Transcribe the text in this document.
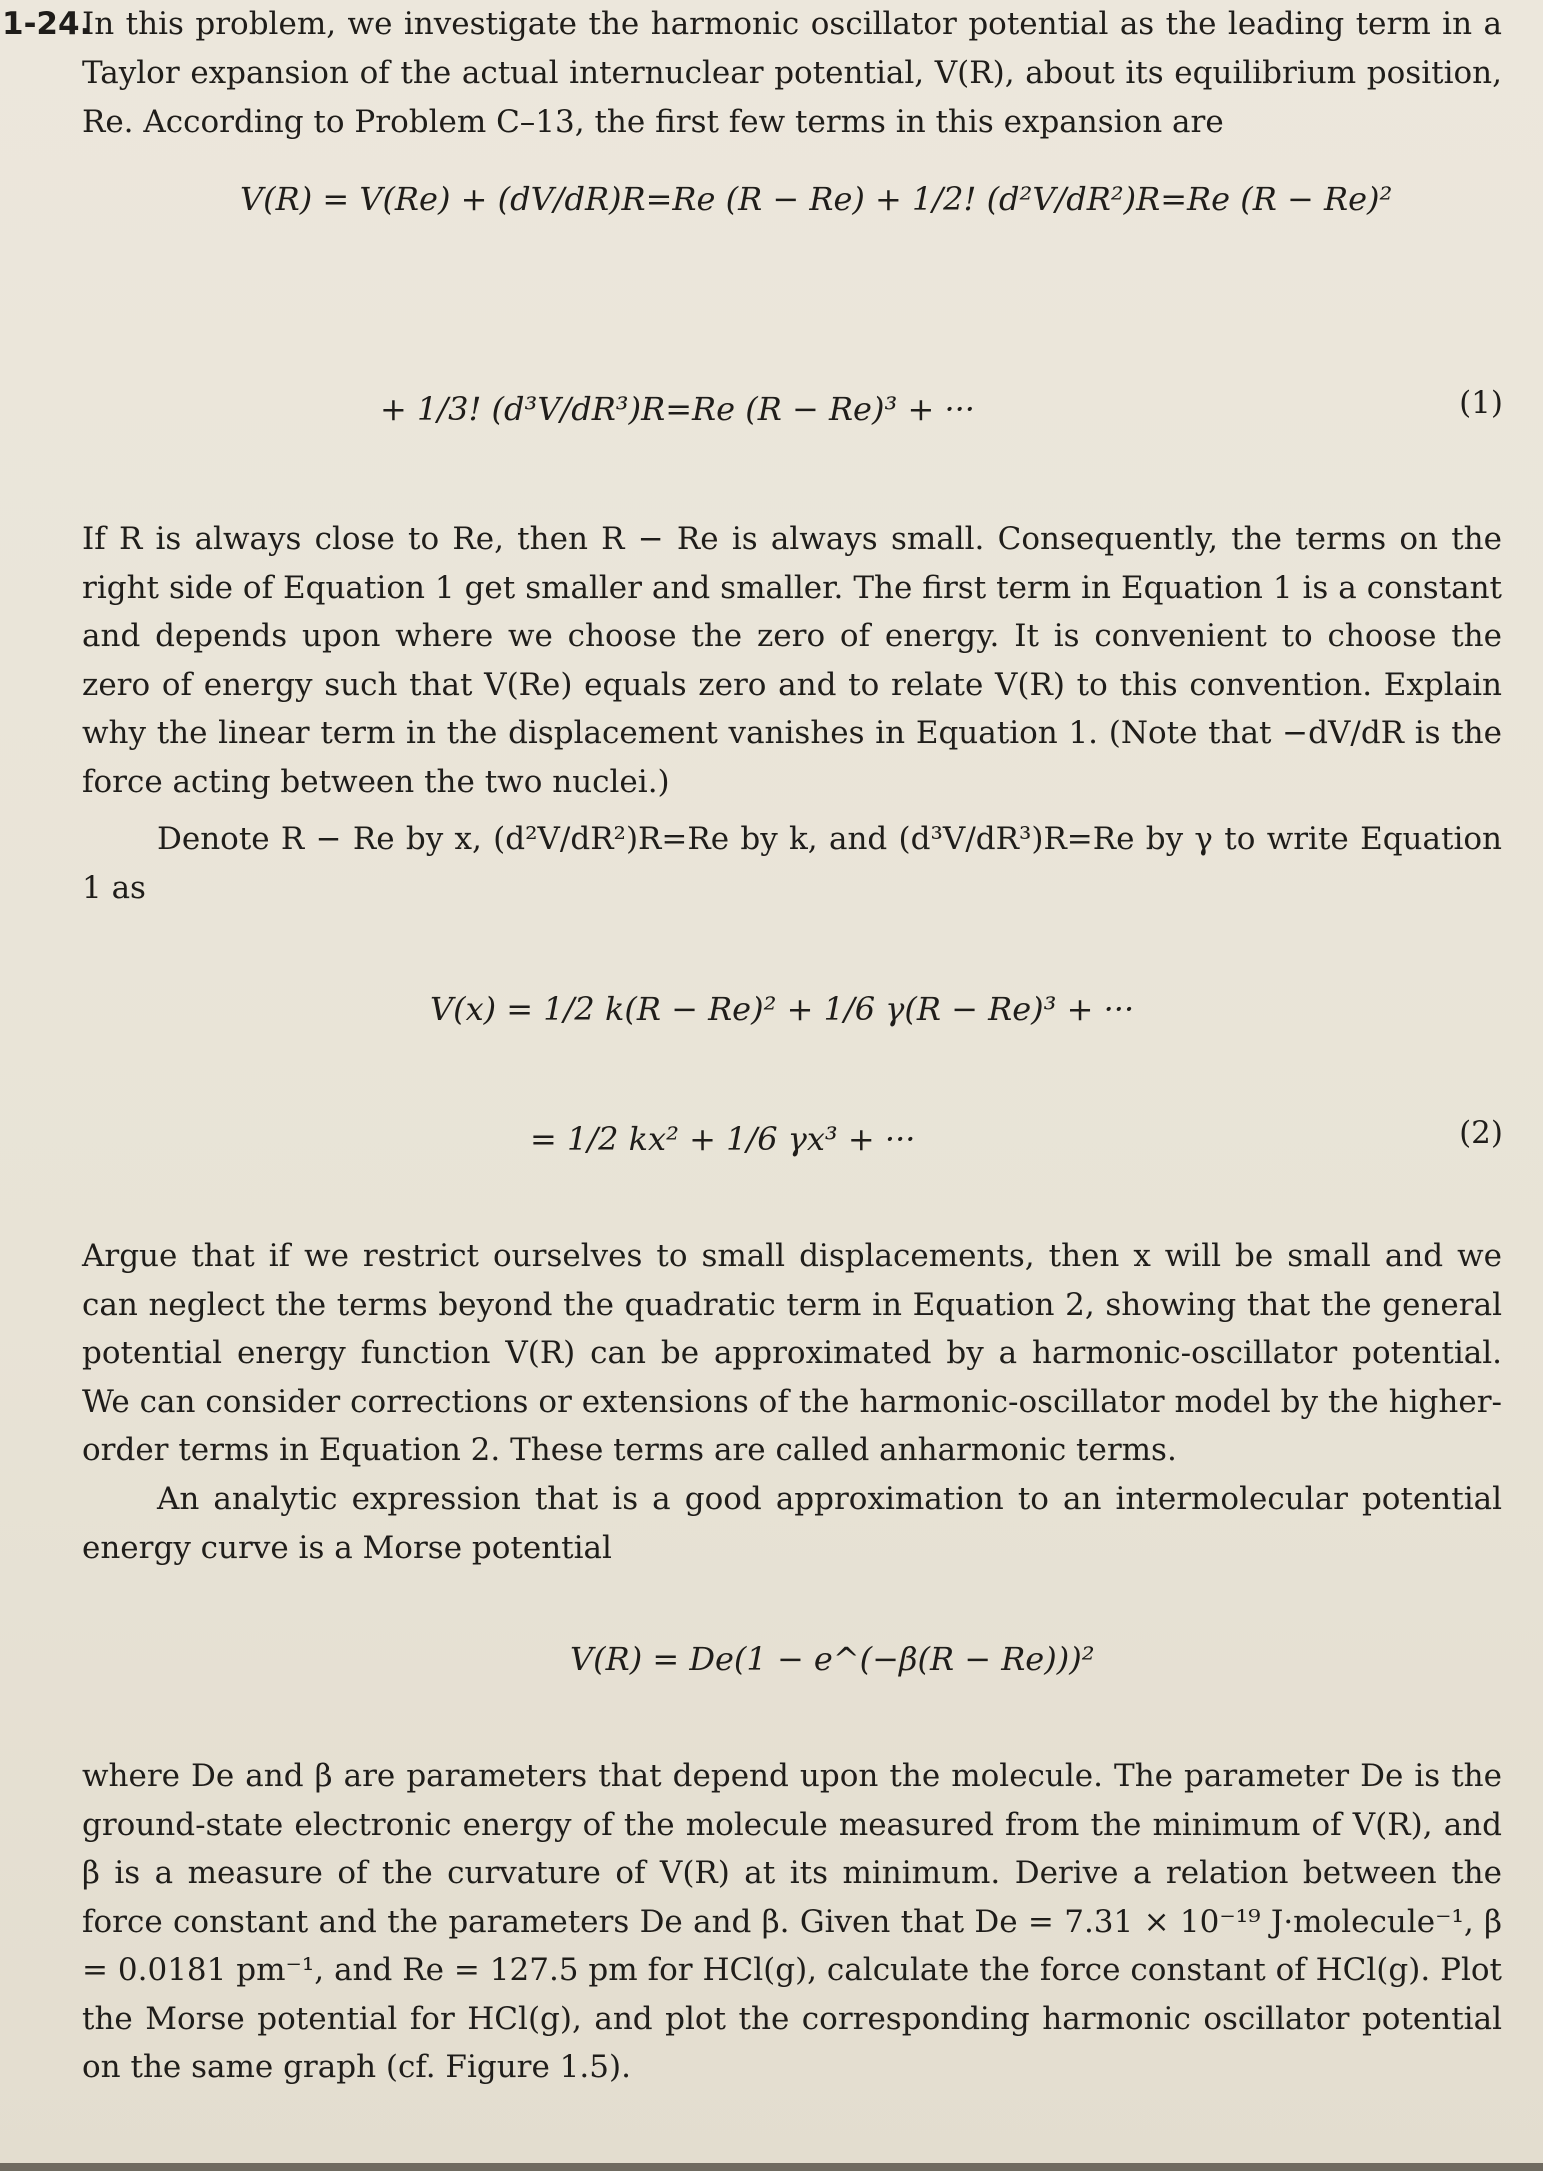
1-24.
In this problem, we investigate the harmonic oscillator potential as the leading term in a Taylor expansion of the actual internuclear potential, V(R), about its equilibrium position, Re. According to Problem C–13, the first few terms in this expansion are

V(R) = V(Re) + (dV/dR)R=Re (R − Re) + 1/2! (d²V/dR²)R=Re (R − Re)²
+ 1/3! (d³V/dR³)R=Re (R − Re)³ + ···	(1)

If R is always close to Re, then R − Re is always small. Consequently, the terms on the right side of Equation 1 get smaller and smaller. The first term in Equation 1 is a constant and depends upon where we choose the zero of energy. It is convenient to choose the zero of energy such that V(Re) equals zero and to relate V(R) to this convention. Explain why the linear term in the displacement vanishes in Equation 1. (Note that −dV/dR is the force acting between the two nuclei.)

Denote R − Re by x, (d²V/dR²)R=Re by k, and (d³V/dR³)R=Re by γ to write Equation 1 as

V(x) = 1/2 k(R − Re)² + 1/6 γ(R − Re)³ + ···
= 1/2 kx² + 1/6 γx³ + ···	(2)

Argue that if we restrict ourselves to small displacements, then x will be small and we can neglect the terms beyond the quadratic term in Equation 2, showing that the general potential energy function V(R) can be approximated by a harmonic-oscillator potential. We can consider corrections or extensions of the harmonic-oscillator model by the higher-order terms in Equation 2. These terms are called anharmonic terms.

An analytic expression that is a good approximation to an intermolecular potential energy curve is a Morse potential

V(R) = De(1 − e^(−β(R − Re)))²

where De and β are parameters that depend upon the molecule. The parameter De is the ground-state electronic energy of the molecule measured from the minimum of V(R), and β is a measure of the curvature of V(R) at its minimum. Derive a relation between the force constant and the parameters De and β. Given that De = 7.31 × 10⁻¹⁹ J·molecule⁻¹, β = 0.0181 pm⁻¹, and Re = 127.5 pm for HCl(g), calculate the force constant of HCl(g). Plot the Morse potential for HCl(g), and plot the corresponding harmonic oscillator potential on the same graph (cf. Figure 1.5).
